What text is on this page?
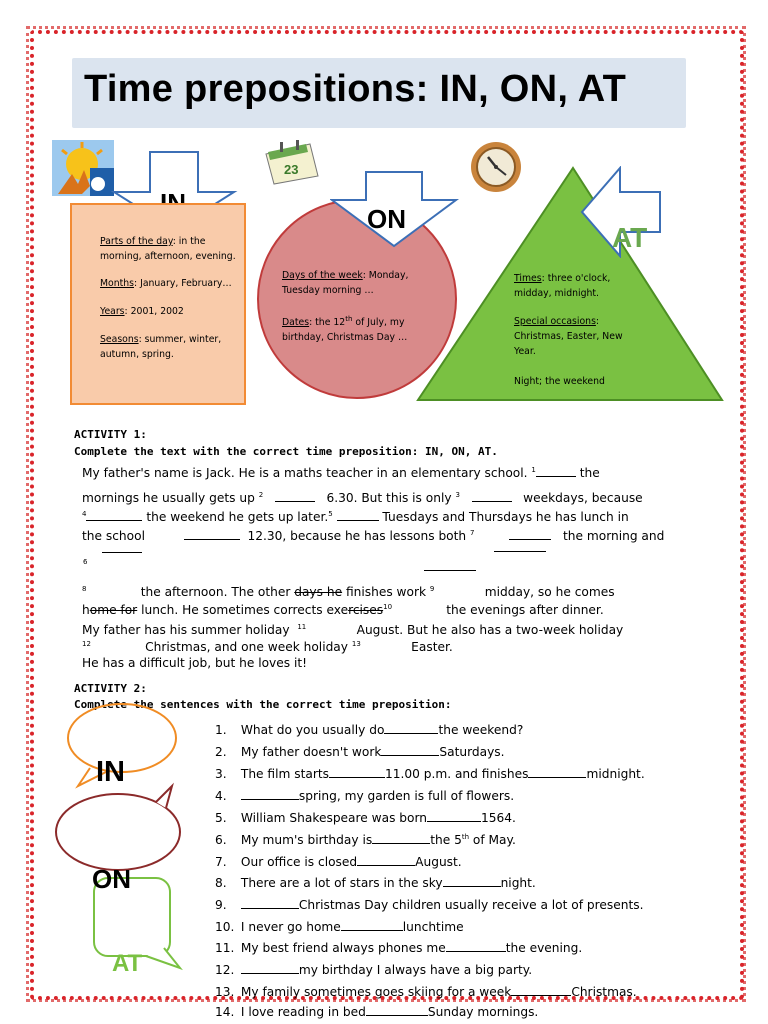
Time prepositions: IN, ON, AT

Parts of the day: in the morning, afternoon, evening.

Months: January, February…

Years: 2001, 2002

Seasons: summer, winter, autumn, spring.

23
ON

Days of the week: Monday, Tuesday morning …

Dates: the 12th of July, my birthday, Christmas Day …

AT

Times: three o'clock, midday, midnight.

Special occasions: Christmas, Easter, New Year.

Night; the weekend

ACTIVITY 1:
Complete the text with the correct time preposition: IN, ON, AT.
My father's name is Jack. He is a maths teacher in an elementary school. $^1$	the
mornings he usually gets up $^2$	6.30. But this is only $^3$	weekdays, because
$^4$	the weekend he gets up later.$^5$	Tuesdays and Thursdays he has lunch in
the school	12.30, because he has lessons both $^7$	the morning and
6
$^8$	the afternoon. The other days he finishes work $^9$	midday, so he comes
home for lunch. He sometimes corrects exercises$^{10}$	the evenings after dinner.
My father has his summer holiday $^{11}$	August. But he also has a two-week holiday
$^{12}$	Christmas, and one week holiday $^{13}$	Easter.
He has a difficult job, but he loves it!
ACTIVITY 2:
Complete the sentences with the correct time preposition:
IN
ON
AT
1. What do you usually do	the weekend?
2. My father doesn't work	Saturdays.
3. The film starts	11.00 p.m. and finishes	midnight.
4.	spring, my garden is full of flowers.
5. William Shakespeare was born	1564.
6. My mum's birthday is	the 5th of May.
7. Our office is closed	August.
8. There are a lot of stars in the sky	night.
9.	Christmas Day children usually receive a lot of presents.
10. I never go home	lunchtime
11. My best friend always phones me	the evening.
12.	my birthday I always have a big party.
13. My family sometimes goes skiing for a week	Christmas.
14. I love reading in bed	Sunday mornings.
